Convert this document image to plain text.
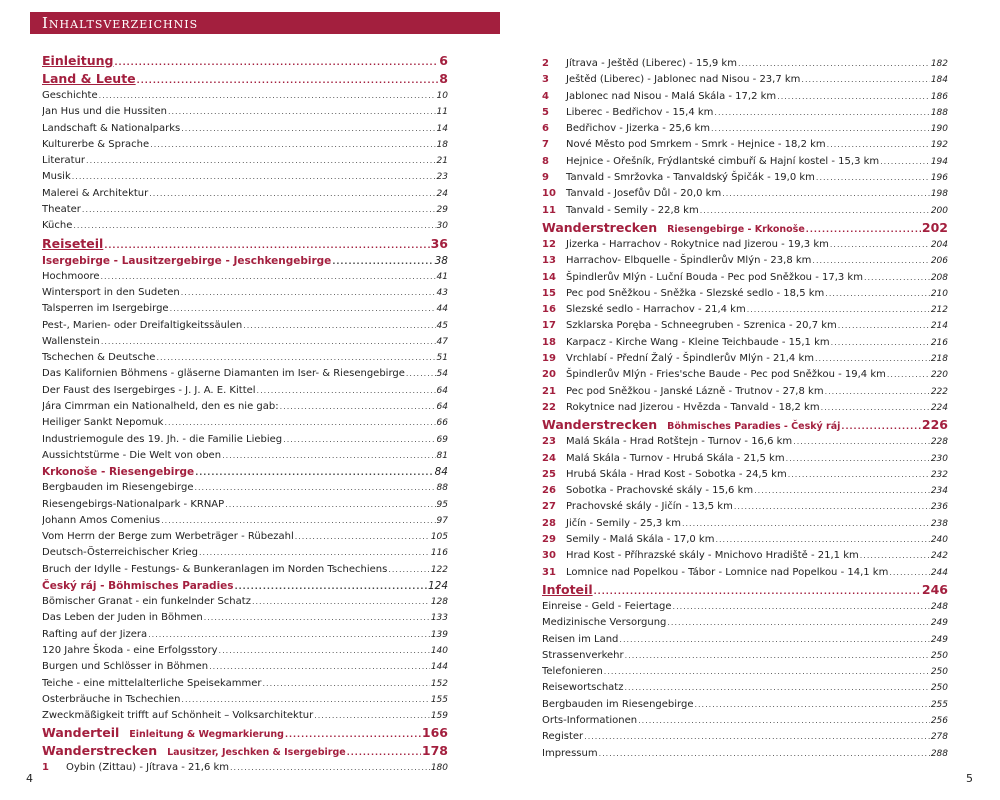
Inhaltsverzeichnis
Einleitung .....	6
Land & Leute .....	8
Geschichte .....	10
Jan Hus und die Hussiten .....	11
Landschaft & Nationalparks .....	14
Kulturerbe & Sprache .....	18
Literatur .....	21
Musik .....	23
Malerei & Architektur .....	24
Theater .....	29
Küche .....	30
Reiseteil .....	36
Isergebirge - Lausitzergebirge - Jeschkengebirge .....	38
Hochmoore .....	41
Wintersport in den Sudeten .....	43
Talsperren im Isergebirge .....	44
Pest-, Marien- oder Dreifaltigkeitssäulen .....	45
Wallenstein .....	47
Tschechen & Deutsche .....	51
Das Kalifornien Böhmens - gläserne Diamanten im Iser- & Riesengebirge .....	54
Der Faust des Isergebirges - J. J. A. E. Kittel .....	64
Jára Cimrman ein Nationalheld, den es nie gab: .....	64
Heiliger Sankt Nepomuk .....	66
Industriemogule des 19. Jh. - die Familie Liebieg .....	69
Aussichtstürme - Die Welt von oben .....	81
Krkonoše - Riesengebirge .....	84
Bergbauden im Riesengebirge .....	88
Riesengebirgs-Nationalpark - KRNAP .....	95
Johann Amos Comenius .....	97
Vom Herrn der Berge zum Werbeträger - Rübezahl .....	105
Deutsch-Österreichischer Krieg .....	116
Bruch der Idylle - Festungs- & Bunkeranlagen im Norden Tschechiens .....	122
Český ráj - Böhmisches Paradies .....	124
Bömischer Granat - ein funkelnder Schatz .....	128
Das Leben der Juden in Böhmen .....	133
Rafting auf der Jizera .....	139
120 Jahre Škoda - eine Erfolgsstory .....	140
Burgen und Schlösser in Böhmen .....	144
Teiche - eine mittelalterliche Speisekammer .....	152
Osterbräuche in Tschechien .....	155
Zweckmäßigkeit trifft auf Schönheit – Volksarchitektur .....	159
Wanderteil Einleitung & Wegmarkierung .....	166
Wanderstrecken Lausitzer, Jeschken & Isergebirge .....	178
1 Oybin (Zittau) - Jítrava - 21,6 km .....	180
2 Jítrava - Ještěd (Liberec) - 15,9 km .....	182
3 Ještěd (Liberec) - Jablonec nad Nisou - 23,7 km .....	184
4 Jablonec nad Nisou - Malá Skála - 17,2 km .....	186
5 Liberec - Bedřichov - 15,4 km .....	188
6 Bedřichov - Jizerka - 25,6 km .....	190
7 Nové Město pod Smrkem - Smrk - Hejnice - 18,2 km .....	192
8 Hejnice - Ořešník, Frýdlantské cimbuří & Hajní kostel - 15,3 km .....	194
9 Tanvald - Smržovka - Tanvaldský Špičák - 19,0 km .....	196
10 Tanvald - Josefův Důl - 20,0 km .....	198
11 Tanvald - Semily - 22,8 km .....	200
Wanderstrecken Riesengebirge - Krkonoše .....	202
12 Jizerka - Harrachov - Rokytnice nad Jizerou - 19,3 km .....	204
13 Harrachov- Elbquelle - Špindlerův Mlýn - 23,8 km .....	206
14 Špindlerův Mlýn - Luční Bouda - Pec pod Sněžkou - 17,3 km .....	208
15 Pec pod Sněžkou - Sněžka - Slezské sedlo - 18,5 km .....	210
16 Slezské sedlo - Harrachov - 21,4 km .....	212
17 Szklarska Poręba - Schneegruben - Szrenica - 20,7 km .....	214
18 Karpacz - Kirche Wang - Kleine Teichbaude - 15,1 km .....	216
19 Vrchlabí - Přední Žalý - Špindlerův Mlýn - 21,4 km .....	218
20 Špindlerův Mlýn - Fries'sche Baude - Pec pod Sněžkou - 19,4 km .....	220
21 Pec pod Sněžkou - Janské Lázně - Trutnov - 27,8 km .....	222
22 Rokytnice nad Jizerou - Hvězda - Tanvald - 18,2 km .....	224
Wanderstrecken Böhmisches Paradies - Český ráj .....	226
23 Malá Skála - Hrad Rotštejn - Turnov - 16,6 km .....	228
24 Malá Skála - Turnov - Hrubá Skála - 21,5 km .....	230
25 Hrubá Skála - Hrad Kost - Sobotka - 24,5 km .....	232
26 Sobotka - Prachovské skály - 15,6 km .....	234
27 Prachovské skály - Jičín - 13,5 km .....	236
28 Jičín - Semily - 25,3 km .....	238
29 Semily - Malá Skála - 17,0 km .....	240
30 Hrad Kost - Příhrazské skály - Mnichovo Hradiště - 21,1 km .....	242
31 Lomnice nad Popelkou - Tábor - Lomnice nad Popelkou - 14,1 km .....	244
Infoteil .....	246
Einreise - Geld - Feiertage .....	248
Medizinische Versorgung .....	249
Reisen im Land .....	249
Strassenverkehr .....	250
Telefonieren .....	250
Reisewortschatz .....	250
Bergbauden im Riesengebirge .....	255
Orts-Informationen .....	256
Register .....	278
Impressum .....	288
4	5
